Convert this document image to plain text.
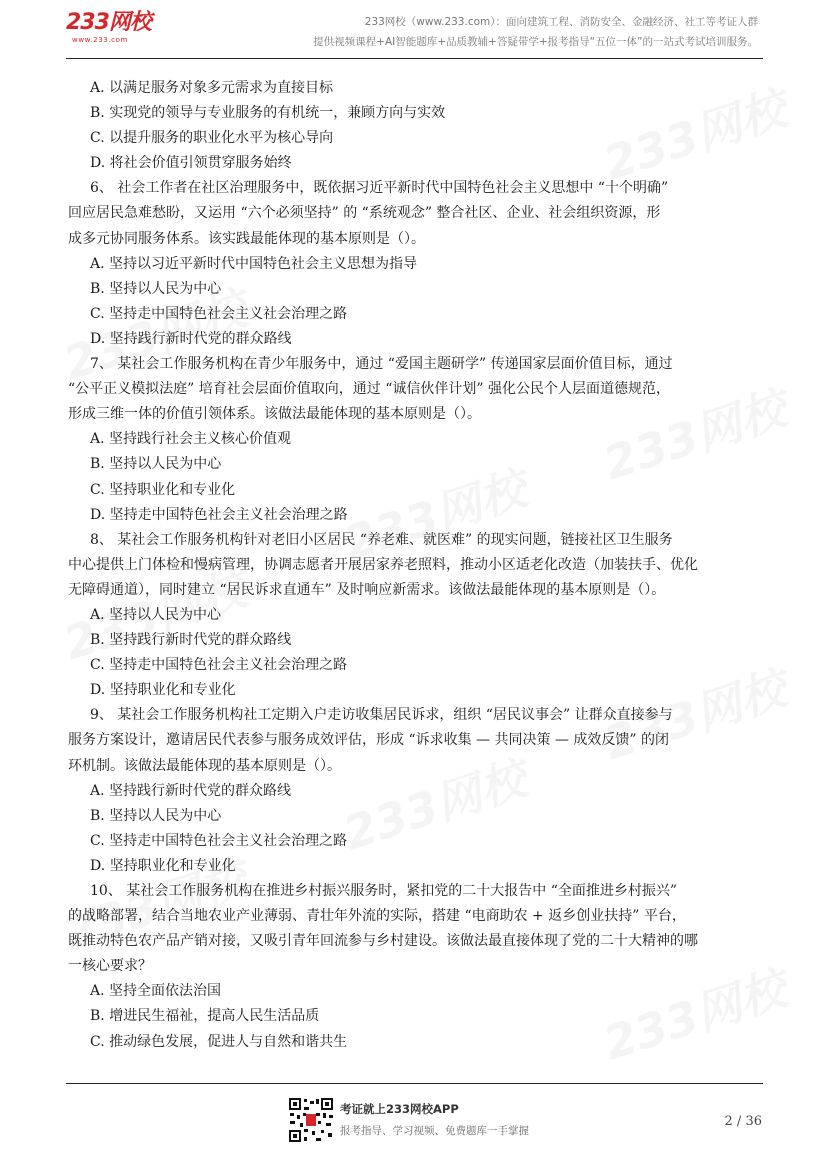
233网校
www.233.com
233网校（www.233.com）：面向建筑工程、消防安全、金融经济、社工等考证人群
提供视频课程+AI智能题库+品质教辅+答疑带学+报考指导“五位一体”的一站式考试培训服务。
A. 以满足服务对象多元需求为直接目标
B. 实现党的领导与专业服务的有机统一，兼顾方向与实效
C. 以提升服务的职业化水平为核心导向
D. 将社会价值引领贯穿服务始终
6、 社会工作者在社区治理服务中，既依据习近平新时代中国特色社会主义思想中 “十个明确”
回应居民急难愁盼，又运用 “六个必须坚持” 的 “系统观念” 整合社区、企业、社会组织资源，形
成多元协同服务体系。该实践最能体现的基本原则是（）。
A. 坚持以习近平新时代中国特色社会主义思想为指导
B. 坚持以人民为中心
C. 坚持走中国特色社会主义社会治理之路
D. 坚持践行新时代党的群众路线
7、 某社会工作服务机构在青少年服务中，通过 “爱国主题研学” 传递国家层面价值目标，通过
“公平正义模拟法庭” 培育社会层面价值取向，通过 “诚信伙伴计划” 强化公民个人层面道德规范，
形成三维一体的价值引领体系。该做法最能体现的基本原则是（）。
A. 坚持践行社会主义核心价值观
B. 坚持以人民为中心
C. 坚持职业化和专业化
D. 坚持走中国特色社会主义社会治理之路
8、 某社会工作服务机构针对老旧小区居民 “养老难、就医难” 的现实问题，链接社区卫生服务
中心提供上门体检和慢病管理，协调志愿者开展居家养老照料，推动小区适老化改造（加装扶手、优化
无障碍通道），同时建立 “居民诉求直通车” 及时响应新需求。该做法最能体现的基本原则是（）。
A. 坚持以人民为中心
B. 坚持践行新时代党的群众路线
C. 坚持走中国特色社会主义社会治理之路
D. 坚持职业化和专业化
9、 某社会工作服务机构社工定期入户走访收集居民诉求，组织 “居民议事会” 让群众直接参与
服务方案设计，邀请居民代表参与服务成效评估，形成 “诉求收集 — 共同决策 — 成效反馈” 的闭
环机制。该做法最能体现的基本原则是（）。
A. 坚持践行新时代党的群众路线
B. 坚持以人民为中心
C. 坚持走中国特色社会主义社会治理之路
D. 坚持职业化和专业化
10、 某社会工作服务机构在推进乡村振兴服务时，紧扣党的二十大报告中 “全面推进乡村振兴”
的战略部署，结合当地农业产业薄弱、青壮年外流的实际，搭建 “电商助农 + 返乡创业扶持” 平台，
既推动特色农产品产销对接，又吸引青年回流参与乡村建设。该做法最直接体现了党的二十大精神的哪
一核心要求？
A. 坚持全面依法治国
B. 增进民生福祉，提高人民生活品质
C. 推动绿色发展，促进人与自然和谐共生
考证就上233网校APP
报考指导、学习视频、免费题库一手掌握
2 / 36
